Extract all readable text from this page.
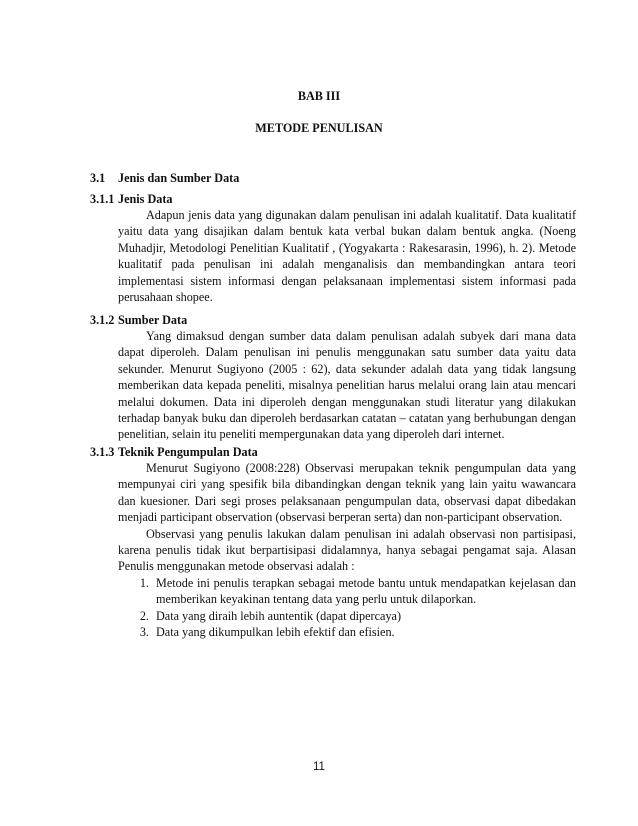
BAB III
METODE PENULISAN
3.1 Jenis dan Sumber Data
3.1.1 Jenis Data

Adapun jenis data yang digunakan dalam penulisan ini adalah kualitatif. Data kualitatif yaitu data yang disajikan dalam bentuk kata verbal bukan dalam bentuk angka. (Noeng Muhadjir, Metodologi Penelitian Kualitatif , (Yogyakarta : Rakesarasin, 1996), h. 2). Metode kualitatif pada penulisan ini adalah menganalisis dan membandingkan antara teori implementasi sistem informasi dengan pelaksanaan implementasi sistem informasi pada perusahaan shopee.

3.1.2 Sumber Data

Yang dimaksud dengan sumber data dalam penulisan adalah subyek dari mana data dapat diperoleh. Dalam penulisan ini penulis menggunakan satu sumber data yaitu data sekunder. Menurut Sugiyono (2005 : 62), data sekunder adalah data yang tidak langsung memberikan data kepada peneliti, misalnya penelitian harus melalui orang lain atau mencari melalui dokumen. Data ini diperoleh dengan menggunakan studi literatur yang dilakukan terhadap banyak buku dan diperoleh berdasarkan catatan – catatan yang berhubungan dengan penelitian, selain itu peneliti mempergunakan data yang diperoleh dari internet.

3.1.3 Teknik Pengumpulan Data

Menurut Sugiyono (2008:228) Observasi merupakan teknik pengumpulan data yang mempunyai ciri yang spesifik bila dibandingkan dengan teknik yang lain yaitu wawancara dan kuesioner. Dari segi proses pelaksanaan pengumpulan data, observasi dapat dibedakan menjadi participant observation (observasi berperan serta) dan non-participant observation.

Observasi yang penulis lakukan dalam penulisan ini adalah observasi non partisipasi, karena penulis tidak ikut berpartisipasi didalamnya, hanya sebagai pengamat saja. Alasan Penulis menggunakan metode observasi adalah :

1. Metode ini penulis terapkan sebagai metode bantu untuk mendapatkan kejelasan dan memberikan keyakinan tentang data yang perlu untuk dilaporkan.
2. Data yang diraih lebih auntentik (dapat dipercaya)
3. Data yang dikumpulkan lebih efektif dan efisien.
11
